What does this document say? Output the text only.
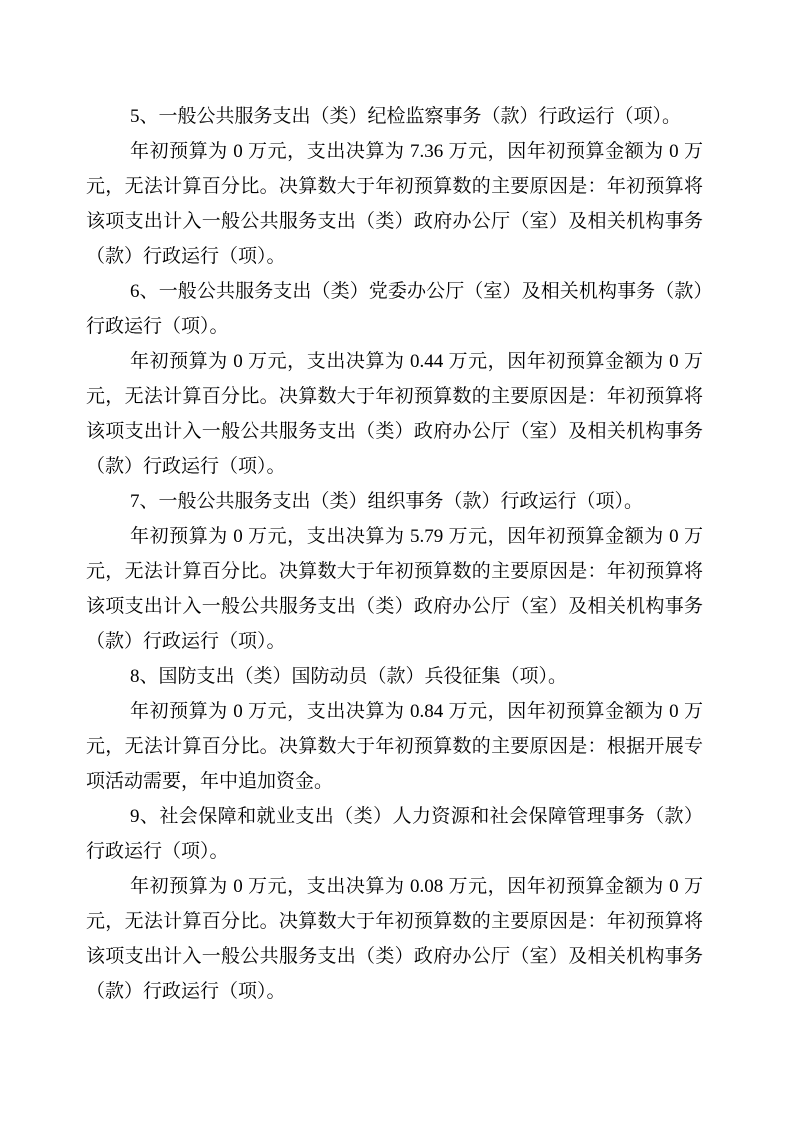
5、一般公共服务支出（类）纪检监察事务（款）行政运行（项）。

年初预算为 0 万元，支出决算为 7.36 万元，因年初预算金额为 0 万元，无法计算百分比。决算数大于年初预算数的主要原因是：年初预算将该项支出计入一般公共服务支出（类）政府办公厅（室）及相关机构事务（款）行政运行（项）。

6、一般公共服务支出（类）党委办公厅（室）及相关机构事务（款）行政运行（项）。

年初预算为 0 万元，支出决算为 0.44 万元，因年初预算金额为 0 万元，无法计算百分比。决算数大于年初预算数的主要原因是：年初预算将该项支出计入一般公共服务支出（类）政府办公厅（室）及相关机构事务（款）行政运行（项）。

7、一般公共服务支出（类）组织事务（款）行政运行（项）。

年初预算为 0 万元，支出决算为 5.79 万元，因年初预算金额为 0 万元，无法计算百分比。决算数大于年初预算数的主要原因是：年初预算将该项支出计入一般公共服务支出（类）政府办公厅（室）及相关机构事务（款）行政运行（项）。

8、国防支出（类）国防动员（款）兵役征集（项）。

年初预算为 0 万元，支出决算为 0.84 万元，因年初预算金额为 0 万元，无法计算百分比。决算数大于年初预算数的主要原因是：根据开展专项活动需要，年中追加资金。

9、社会保障和就业支出（类）人力资源和社会保障管理事务（款）行政运行（项）。

年初预算为 0 万元，支出决算为 0.08 万元，因年初预算金额为 0 万元，无法计算百分比。决算数大于年初预算数的主要原因是：年初预算将该项支出计入一般公共服务支出（类）政府办公厅（室）及相关机构事务（款）行政运行（项）。
